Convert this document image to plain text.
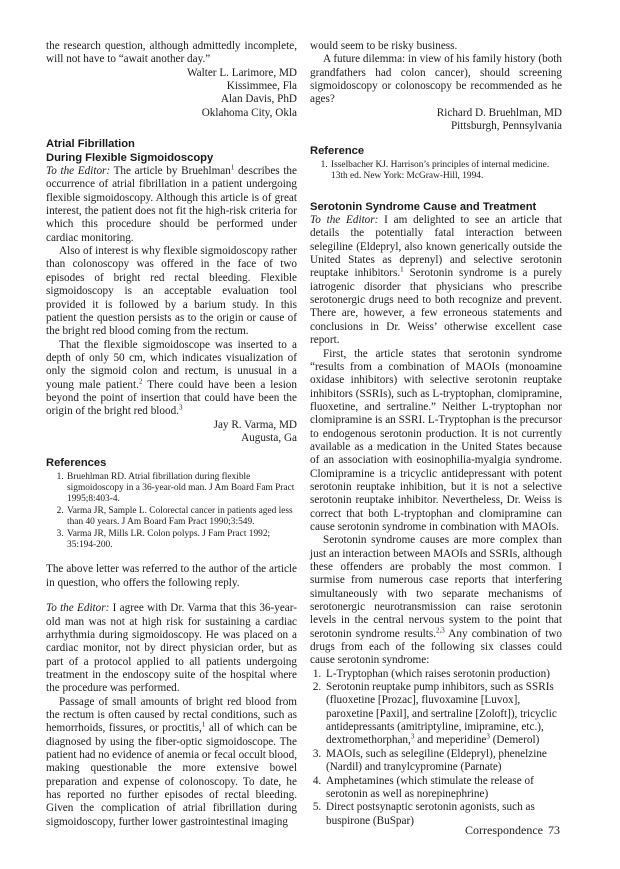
the research question, although admittedly incomplete, will not have to “await another day.”

Walter L. Larimore, MD
Kissimmee, Fla
Alan Davis, PhD
Oklahoma City, Okla
Atrial Fibrillation
During Flexible Sigmoidoscopy

To the Editor: The article by Bruehlman$^1$ describes the occurrence of atrial fibrillation in a patient undergoing flexible sigmoidoscopy. Although this article is of great interest, the patient does not fit the high-risk criteria for which this procedure should be performed under cardiac monitoring.

Also of interest is why flexible sigmoidoscopy rather than colonoscopy was offered in the face of two episodes of bright red rectal bleeding. Flexible sigmoidoscopy is an acceptable evaluation tool provided it is followed by a barium study. In this patient the question persists as to the origin or cause of the bright red blood coming from the rectum.

That the flexible sigmoidoscope was inserted to a depth of only 50 cm, which indicates visualization of only the sigmoid colon and rectum, is unusual in a young male patient.$^2$ There could have been a lesion beyond the point of insertion that could have been the origin of the bright red blood.$^3$

Jay R. Varma, MD
Augusta, Ga
References
1. Bruehlman RD. Atrial fibrillation during flexible sigmoidoscopy in a 36-year-old man. J Am Board Fam Pract 1995;8:403-4.
2. Varma JR, Sample L. Colorectal cancer in patients aged less than 40 years. J Am Board Fam Pract 1990;3:549.
3. Varma JR, Mills LR. Colon polyps. J Fam Pract 1992; 35:194-200.

The above letter was referred to the author of the article in question, who offers the following reply.

To the Editor: I agree with Dr. Varma that this 36-year-old man was not at high risk for sustaining a cardiac arrhythmia during sigmoidoscopy. He was placed on a cardiac monitor, not by direct physician order, but as part of a protocol applied to all patients undergoing treatment in the endoscopy suite of the hospital where the procedure was performed.

Passage of small amounts of bright red blood from the rectum is often caused by rectal conditions, such as hemorrhoids, fissures, or proctitis,$^1$ all of which can be diagnosed by using the fiber-optic sigmoidoscope. The patient had no evidence of anemia or fecal occult blood, making questionable the more extensive bowel preparation and expense of colonoscopy. To date, he has reported no further episodes of rectal bleeding. Given the complication of atrial fibrillation during sigmoidoscopy, further lower gastrointestinal imaging

would seem to be risky business.

A future dilemma: in view of his family history (both grandfathers had colon cancer), should screening sigmoidoscopy or colonoscopy be recommended as he ages?

Richard D. Bruehlman, MD
Pittsburgh, Pennsylvania
Reference
1. Isselbacher KJ. Harrison’s principles of internal medicine. 13th ed. New York: McGraw-Hill, 1994.
Serotonin Syndrome Cause and Treatment

To the Editor: I am delighted to see an article that details the potentially fatal interaction between selegiline (Eldepryl, also known generically outside the United States as deprenyl) and selective serotonin reuptake inhibitors.$^1$ Serotonin syndrome is a purely iatrogenic disorder that physicians who prescribe serotonergic drugs need to both recognize and prevent. There are, however, a few erroneous statements and conclusions in Dr. Weiss’ otherwise excellent case report.

First, the article states that serotonin syndrome “results from a combination of MAOIs (monoamine oxidase inhibitors) with selective serotonin reuptake inhibitors (SSRIs), such as L-tryptophan, clomipramine, fluoxetine, and sertraline.” Neither L-tryptophan nor clomipramine is an SSRI. L-Tryptophan is the precursor to endogenous serotonin production. It is not currently available as a medication in the United States because of an association with eosinophilia-myalgia syndrome. Clomipramine is a tricyclic antidepressant with potent serotonin reuptake inhibition, but it is not a selective serotonin reuptake inhibitor. Nevertheless, Dr. Weiss is correct that both L-tryptophan and clomipramine can cause serotonin syndrome in combination with MAOIs.

Serotonin syndrome causes are more complex than just an interaction between MAOIs and SSRIs, although these offenders are probably the most common. I surmise from numerous case reports that interfering simultaneously with two separate mechanisms of serotonergic neurotransmission can raise serotonin levels in the central nervous system to the point that serotonin syndrome results.$^{2,3}$ Any combination of two drugs from each of the following six classes could cause serotonin syndrome:

1. L-Tryptophan (which raises serotonin production)
2. Serotonin reuptake pump inhibitors, such as SSRIs (fluoxetine [Prozac], fluvoxamine [Luvox], paroxetine [Paxil], and sertraline [Zoloft]), tricyclic antidepressants (amitriptyline, imipramine, etc.), dextromethorphan,$^3$ and meperidine$^3$ (Demerol)
3. MAOIs, such as selegiline (Eldepryl), phenelzine (Nardil) and tranylcypromine (Parnate)
4. Amphetamines (which stimulate the release of serotonin as well as norepinephrine)
5. Direct postsynaptic serotonin agonists, such as buspirone (BuSpar)
Correspondence 73
